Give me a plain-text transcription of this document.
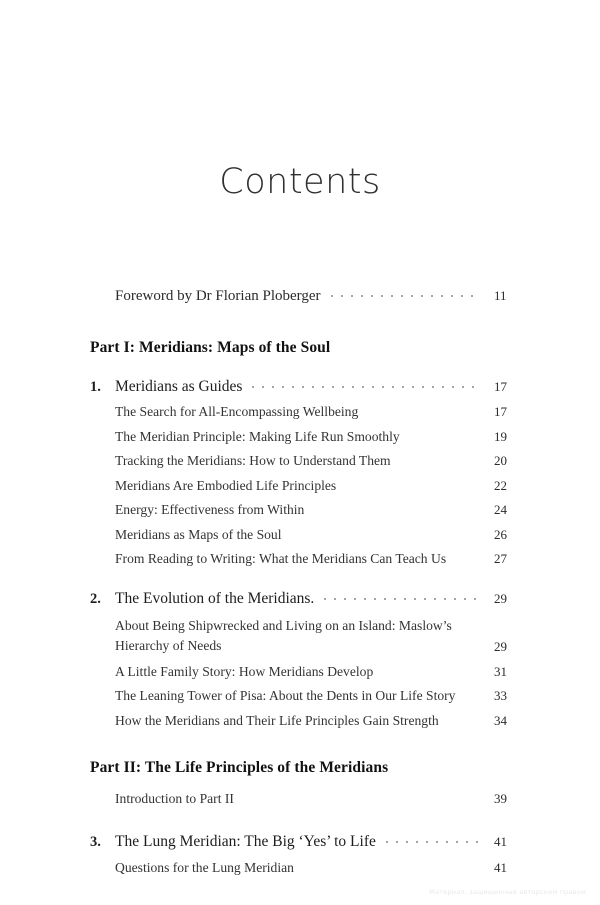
Contents
Foreword by Dr Florian Ploberger	11
Part I: Meridians: Maps of the Soul
1. Meridians as Guides	17
The Search for All-Encompassing Wellbeing	17
The Meridian Principle: Making Life Run Smoothly	19
Tracking the Meridians: How to Understand Them	20
Meridians Are Embodied Life Principles	22
Energy: Effectiveness from Within	24
Meridians as Maps of the Soul	26
From Reading to Writing: What the Meridians Can Teach Us	27
2. The Evolution of the Meridians.	29
About Being Shipwrecked and Living on an Island: Maslow’s Hierarchy of Needs	29
A Little Family Story: How Meridians Develop	31
The Leaning Tower of Pisa: About the Dents in Our Life Story	33
How the Meridians and Their Life Principles Gain Strength	34
Part II: The Life Principles of the Meridians
Introduction to Part II	39
3. The Lung Meridian: The Big ‘Yes’ to Life	41
Questions for the Lung Meridian	41
Материал, защищенный авторским правом
